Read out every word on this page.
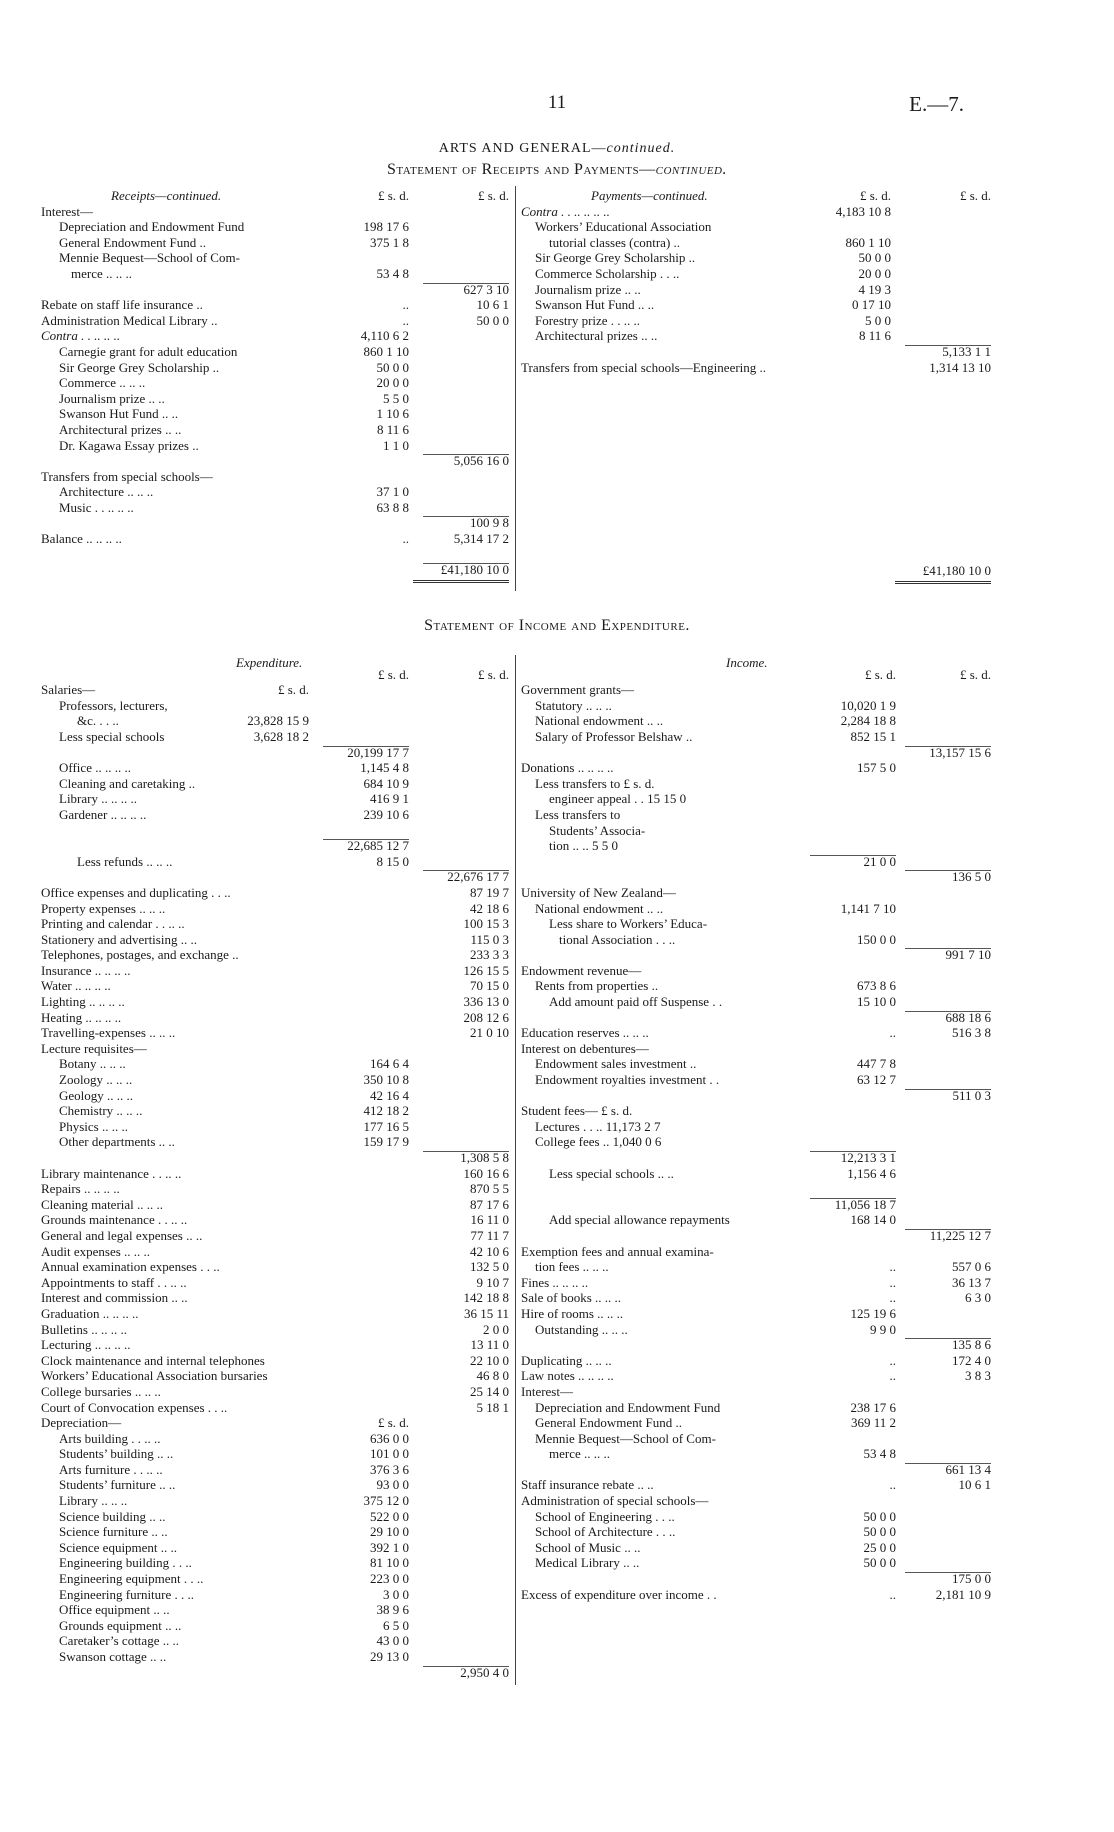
11	E.—7.
ARTS AND GENERAL—continued.
Statement of Receipts and Payments—continued.
Receipts—continued.	£ s. d.	£ s. d.
Interest—
Depreciation and Endowment Fund	198 17 6
General Endowment Fund ..	375 1 8
Mennie Bequest—School of Com-
merce .. .. ..	53 4 8
627 3 10
Rebate on staff life insurance ..	..	10 6 1
Administration Medical Library ..	..	50 0 0
Contra . . .. .. ..	4,110 6 2
Carnegie grant for adult education	860 1 10
Sir George Grey Scholarship ..	50 0 0
Commerce .. .. ..	20 0 0
Journalism prize .. ..	5 5 0
Swanson Hut Fund .. ..	1 10 6
Architectural prizes .. ..	8 11 6
Dr. Kagawa Essay prizes ..	1 1 0
5,056 16 0
Transfers from special schools—
Architecture .. .. ..	37 1 0
Music . . .. .. ..	63 8 8
100 9 8
Balance .. .. .. ..	..	5,314 17 2
£41,180 10 0
Payments—continued.	£ s. d.	£ s. d.
Contra . . .. .. .. ..	4,183 10 8
Workers’ Educational Association
tutorial classes (contra) ..	860 1 10
Sir George Grey Scholarship ..	50 0 0
Commerce Scholarship . . ..	20 0 0
Journalism prize .. ..	4 19 3
Swanson Hut Fund .. ..	0 17 10
Forestry prize . . .. ..	5 0 0
Architectural prizes .. ..	8 11 6
5,133 1 1
Transfers from special schools—Engineering ..	1,314 13 10
£41,180 10 0
Statement of Income and Expenditure.
Expenditure.
£ s. d.	£ s. d.
Salaries—	£ s. d.
Professors, lecturers,
&c. . . ..	23,828 15 9
Less special schools	3,628 18 2
20,199 17 7
Office .. .. .. ..	1,145 4 8
Cleaning and caretaking ..	684 10 9
Library .. .. .. ..	416 9 1
Gardener .. .. .. ..	239 10 6
22,685 12 7
Less refunds .. .. ..	8 15 0
22,676 17 7
Office expenses and duplicating . . ..	87 19 7
Property expenses .. .. ..	42 18 6
Printing and calendar . . .. ..	100 15 3
Stationery and advertising .. ..	115 0 3
Telephones, postages, and exchange ..	233 3 3
Insurance .. .. .. ..	126 15 5
Water .. .. .. ..	70 15 0
Lighting .. .. .. ..	336 13 0
Heating .. .. .. ..	208 12 6
Travelling-expenses .. .. ..	21 0 10
Lecture requisites—
Botany .. .. ..	164 6 4
Zoology .. .. ..	350 10 8
Geology .. .. ..	42 16 4
Chemistry .. .. ..	412 18 2
Physics .. .. ..	177 16 5
Other departments .. ..	159 17 9
1,308 5 8
Library maintenance . . .. ..	160 16 6
Repairs .. .. .. ..	870 5 5
Cleaning material .. .. ..	87 17 6
Grounds maintenance . . .. ..	16 11 0
General and legal expenses .. ..	77 11 7
Audit expenses .. .. ..	42 10 6
Annual examination expenses . . ..	132 5 0
Appointments to staff . . .. ..	9 10 7
Interest and commission .. ..	142 18 8
Graduation .. .. .. ..	36 15 11
Bulletins .. .. .. ..	2 0 0
Lecturing .. .. .. ..	13 11 0
Clock maintenance and internal telephones	22 10 0
Workers’ Educational Association bursaries	46 8 0
College bursaries .. .. ..	25 14 0
Court of Convocation expenses . . ..	5 18 1
Depreciation—	£ s. d.
Arts building . . .. ..	636 0 0
Students’ building .. ..	101 0 0
Arts furniture . . .. ..	376 3 6
Students’ furniture .. ..	93 0 0
Library .. .. ..	375 12 0
Science building .. ..	522 0 0
Science furniture .. ..	29 10 0
Science equipment .. ..	392 1 0
Engineering building . . ..	81 10 0
Engineering equipment . . ..	223 0 0
Engineering furniture . . ..	3 0 0
Office equipment .. ..	38 9 6
Grounds equipment .. ..	6 5 0
Caretaker’s cottage .. ..	43 0 0
Swanson cottage .. ..	29 13 0
2,950 4 0
Income.
£ s. d.	£ s. d.
Government grants—
Statutory .. .. ..	10,020 1 9
National endowment .. ..	2,284 18 8
Salary of Professor Belshaw ..	852 15 1
13,157 15 6
Donations .. .. .. ..	157 5 0
Less transfers to £ s. d.
engineer appeal . . 15 15 0
Less transfers to
Students’ Associa-
tion .. .. 5 5 0
21 0 0
136 5 0
University of New Zealand—
National endowment .. ..	1,141 7 10
Less share to Workers’ Educa-
tional Association . . ..	150 0 0
991 7 10
Endowment revenue—
Rents from properties ..	673 8 6
Add amount paid off Suspense . .	15 10 0
688 18 6
Education reserves .. .. ..	..	516 3 8
Interest on debentures—
Endowment sales investment ..	447 7 8
Endowment royalties investment . .	63 12 7
511 0 3
Student fees— £ s. d.
Lectures . . .. 11,173 2 7
College fees .. 1,040 0 6
12,213 3 1
Less special schools .. ..	1,156 4 6
11,056 18 7
Add special allowance repayments	168 14 0
11,225 12 7
Exemption fees and annual examina-
tion fees .. .. ..	..	557 0 6
Fines .. .. .. ..	..	36 13 7
Sale of books .. .. ..	..	6 3 0
Hire of rooms .. .. ..	125 19 6
Outstanding .. .. ..	9 9 0
135 8 6
Duplicating .. .. ..	..	172 4 0
Law notes .. .. .. ..	..	3 8 3
Interest—
Depreciation and Endowment Fund	238 17 6
General Endowment Fund ..	369 11 2
Mennie Bequest—School of Com-
merce .. .. ..	53 4 8
661 13 4
Staff insurance rebate .. ..	..	10 6 1
Administration of special schools—
School of Engineering . . ..	50 0 0
School of Architecture . . ..	50 0 0
School of Music .. ..	25 0 0
Medical Library .. ..	50 0 0
175 0 0
Excess of expenditure over income . .	..	2,181 10 9
